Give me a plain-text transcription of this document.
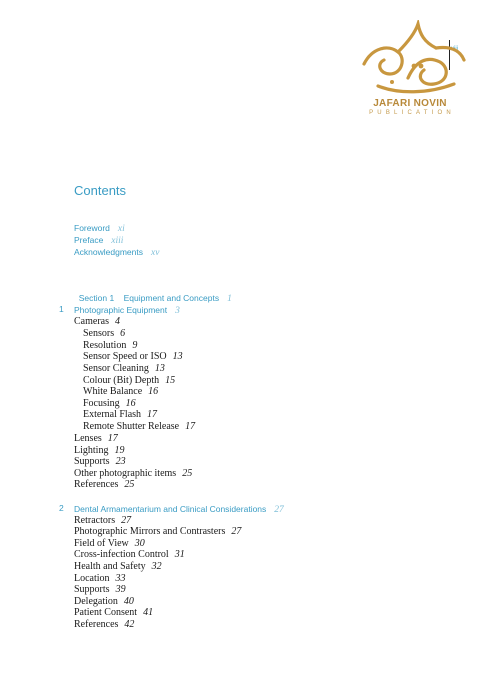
viii
JAFARI NOVIN
PUBLICATION
Contents
Foreword xi
Preface xiii
Acknowledgments xv

Section 1    Equipment and Concepts 1

1 Photographic Equipment 3
Cameras 4
Sensors 6
Resolution 9
Sensor Speed or ISO 13
Sensor Cleaning 13
Colour (Bit) Depth 15
White Balance 16
Focusing 16
External Flash 17
Remote Shutter Release 17
Lenses 17
Lighting 19
Supports 23
Other photographic items 25
References 25
2 Dental Armamentarium and Clinical Considerations 27
Retractors 27
Photographic Mirrors and Contrasters 27
Field of View 30
Cross-infection Control 31
Health and Safety 32
Location 33
Supports 39
Delegation 40
Patient Consent 41
References 42
